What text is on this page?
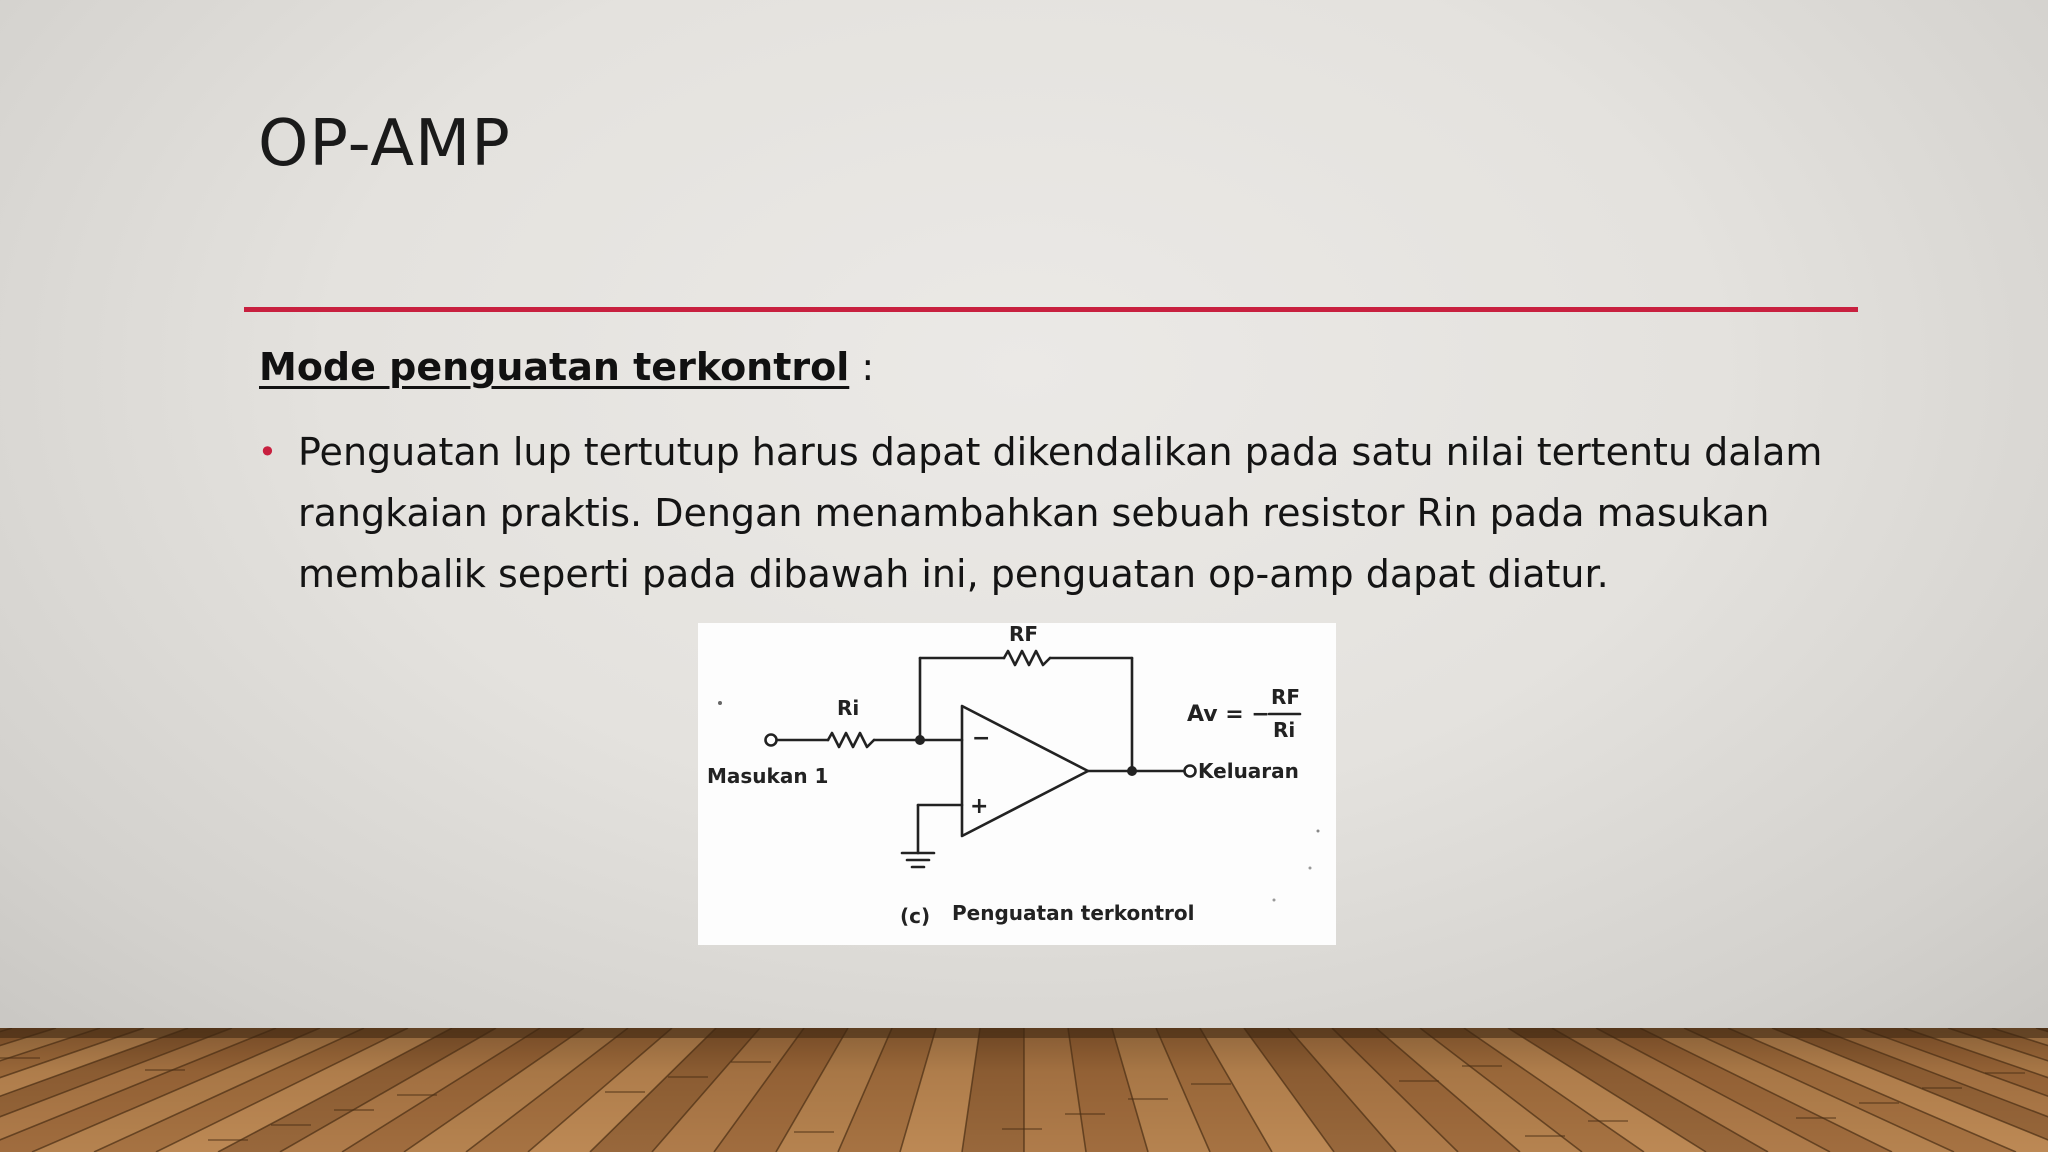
OP-AMP
Mode penguatan terkontrol :
• Penguatan lup tertutup harus dapat dikendalikan pada satu nilai tertentu dalam
rangkaian praktis. Dengan menambahkan sebuah resistor Rin pada masukan
membalik seperti pada dibawah ini, penguatan op-amp dapat diatur.
RF
Ri
−
+
Masukan 1	Keluaran
Av = −
RF
Ri
(c) Penguatan terkontrol
